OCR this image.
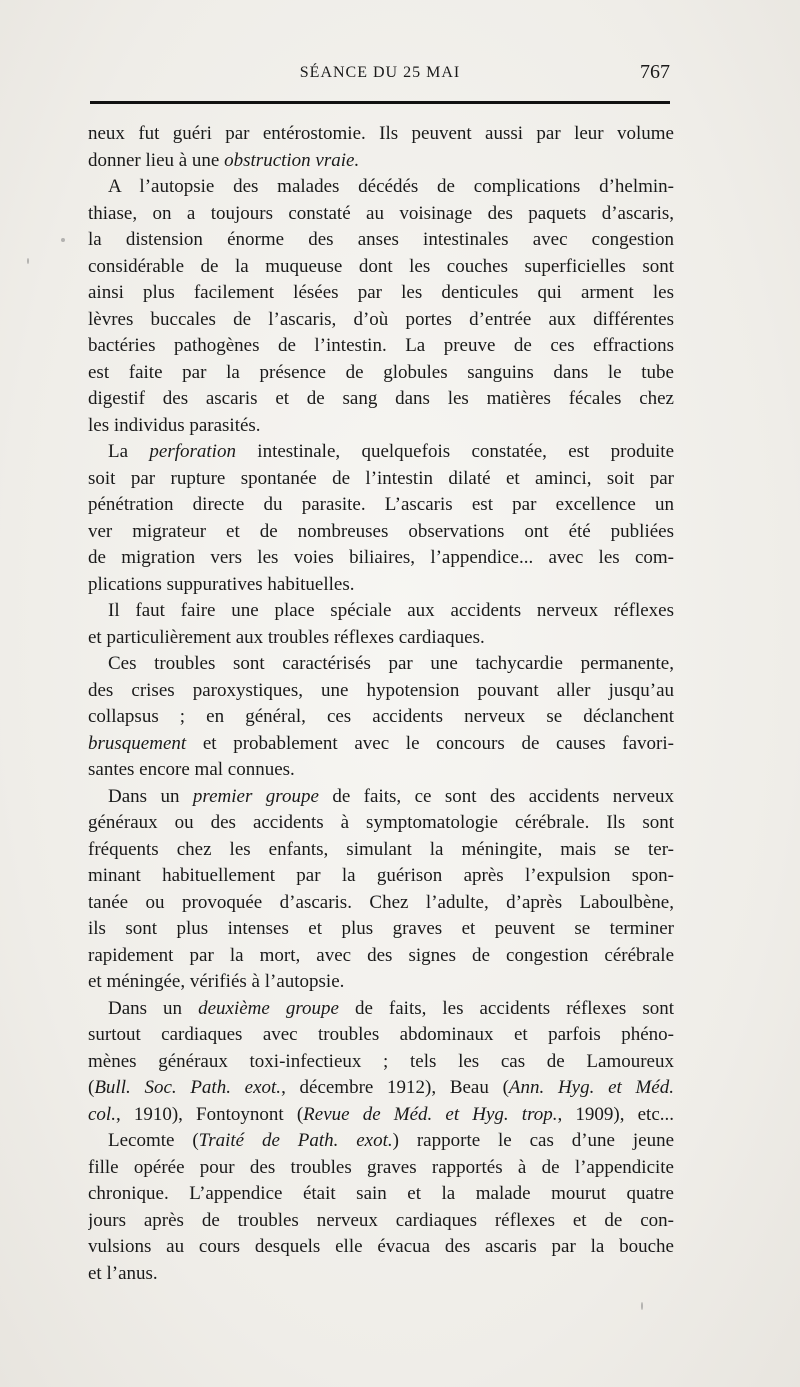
SÉANCE DU 25 MAI	767
neux fut guéri par entérostomie. Ils peuvent aussi par leur volume
donner lieu à une obstruction vraie.
A l’autopsie des malades décédés de complications d’helmin-
thiase, on a toujours constaté au voisinage des paquets d’ascaris,
la distension énorme des anses intestinales avec congestion
considérable de la muqueuse dont les couches superficielles sont
ainsi plus facilement lésées par les denticules qui arment les
lèvres buccales de l’ascaris, d’où portes d’entrée aux différentes
bactéries pathogènes de l’intestin. La preuve de ces effractions
est faite par la présence de globules sanguins dans le tube
digestif des ascaris et de sang dans les matières fécales chez
les individus parasités.
La perforation intestinale, quelquefois constatée, est produite
soit par rupture spontanée de l’intestin dilaté et aminci, soit par
pénétration directe du parasite. L’ascaris est par excellence un
ver migrateur et de nombreuses observations ont été publiées
de migration vers les voies biliaires, l’appendice... avec les com-
plications suppuratives habituelles.
Il faut faire une place spéciale aux accidents nerveux réflexes
et particulièrement aux troubles réflexes cardiaques.
Ces troubles sont caractérisés par une tachycardie permanente,
des crises paroxystiques, une hypotension pouvant aller jusqu’au
collapsus ; en général, ces accidents nerveux se déclanchent
brusquement et probablement avec le concours de causes favori-
santes encore mal connues.
Dans un premier groupe de faits, ce sont des accidents nerveux
généraux ou des accidents à symptomatologie cérébrale. Ils sont
fréquents chez les enfants, simulant la méningite, mais se ter-
minant habituellement par la guérison après l’expulsion spon-
tanée ou provoquée d’ascaris. Chez l’adulte, d’après Laboulbène,
ils sont plus intenses et plus graves et peuvent se terminer
rapidement par la mort, avec des signes de congestion cérébrale
et méningée, vérifiés à l’autopsie.
Dans un deuxième groupe de faits, les accidents réflexes sont
surtout cardiaques avec troubles abdominaux et parfois phéno-
mènes généraux toxi-infectieux ; tels les cas de Lamoureux
(Bull. Soc. Path. exot., décembre 1912), Beau (Ann. Hyg. et Méd.
col., 1910), Fontoynont (Revue de Méd. et Hyg. trop., 1909), etc...
Lecomte (Traité de Path. exot.) rapporte le cas d’une jeune
fille opérée pour des troubles graves rapportés à de l’appendicite
chronique. L’appendice était sain et la malade mourut quatre
jours après de troubles nerveux cardiaques réflexes et de con-
vulsions au cours desquels elle évacua des ascaris par la bouche
et l’anus.
